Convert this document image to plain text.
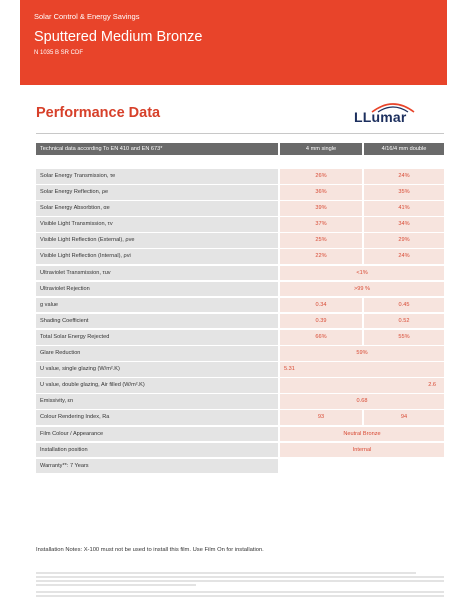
Solar Control & Energy Savings
Sputtered Medium Bronze
N 1035 B SR CDF
Performance Data	LLumar
Technical data according To EN 410 and EN 673*	4 mm single	4/16/4 mm double
Solar Energy Transmission, τe	26%	24%
Solar Energy Reflection, ρe	36%	35%
Solar Energy Absorbtion, αe	39%	41%
Visible Light Transmission, τv	37%	34%
Visible Light Reflection (External), ρve	25%	29%
Visible Light Reflection (Internal), ρvi	22%	24%
Ultraviolet Transmission, τuv	<1%
Ultraviolet Rejection	>99 %
g value	0.34	0.45
Shading Coefficient	0.39	0.52
Total Solar Energy Rejected	66%	55%
Glare Reduction	59%
U value, single glazing (W/m².K)	5.31
U value, double glazing, Air filled (W/m².K)	2.6
Emissivity, εn	0.68
Colour Rendering Index, Ra	93	94
Film Colour / Appearance	Neutral Bronze
Installation position	Internal
Warranty**: 7 Years
Installation Notes: X-100 must not be used to install this film. Use Film On for installation.
